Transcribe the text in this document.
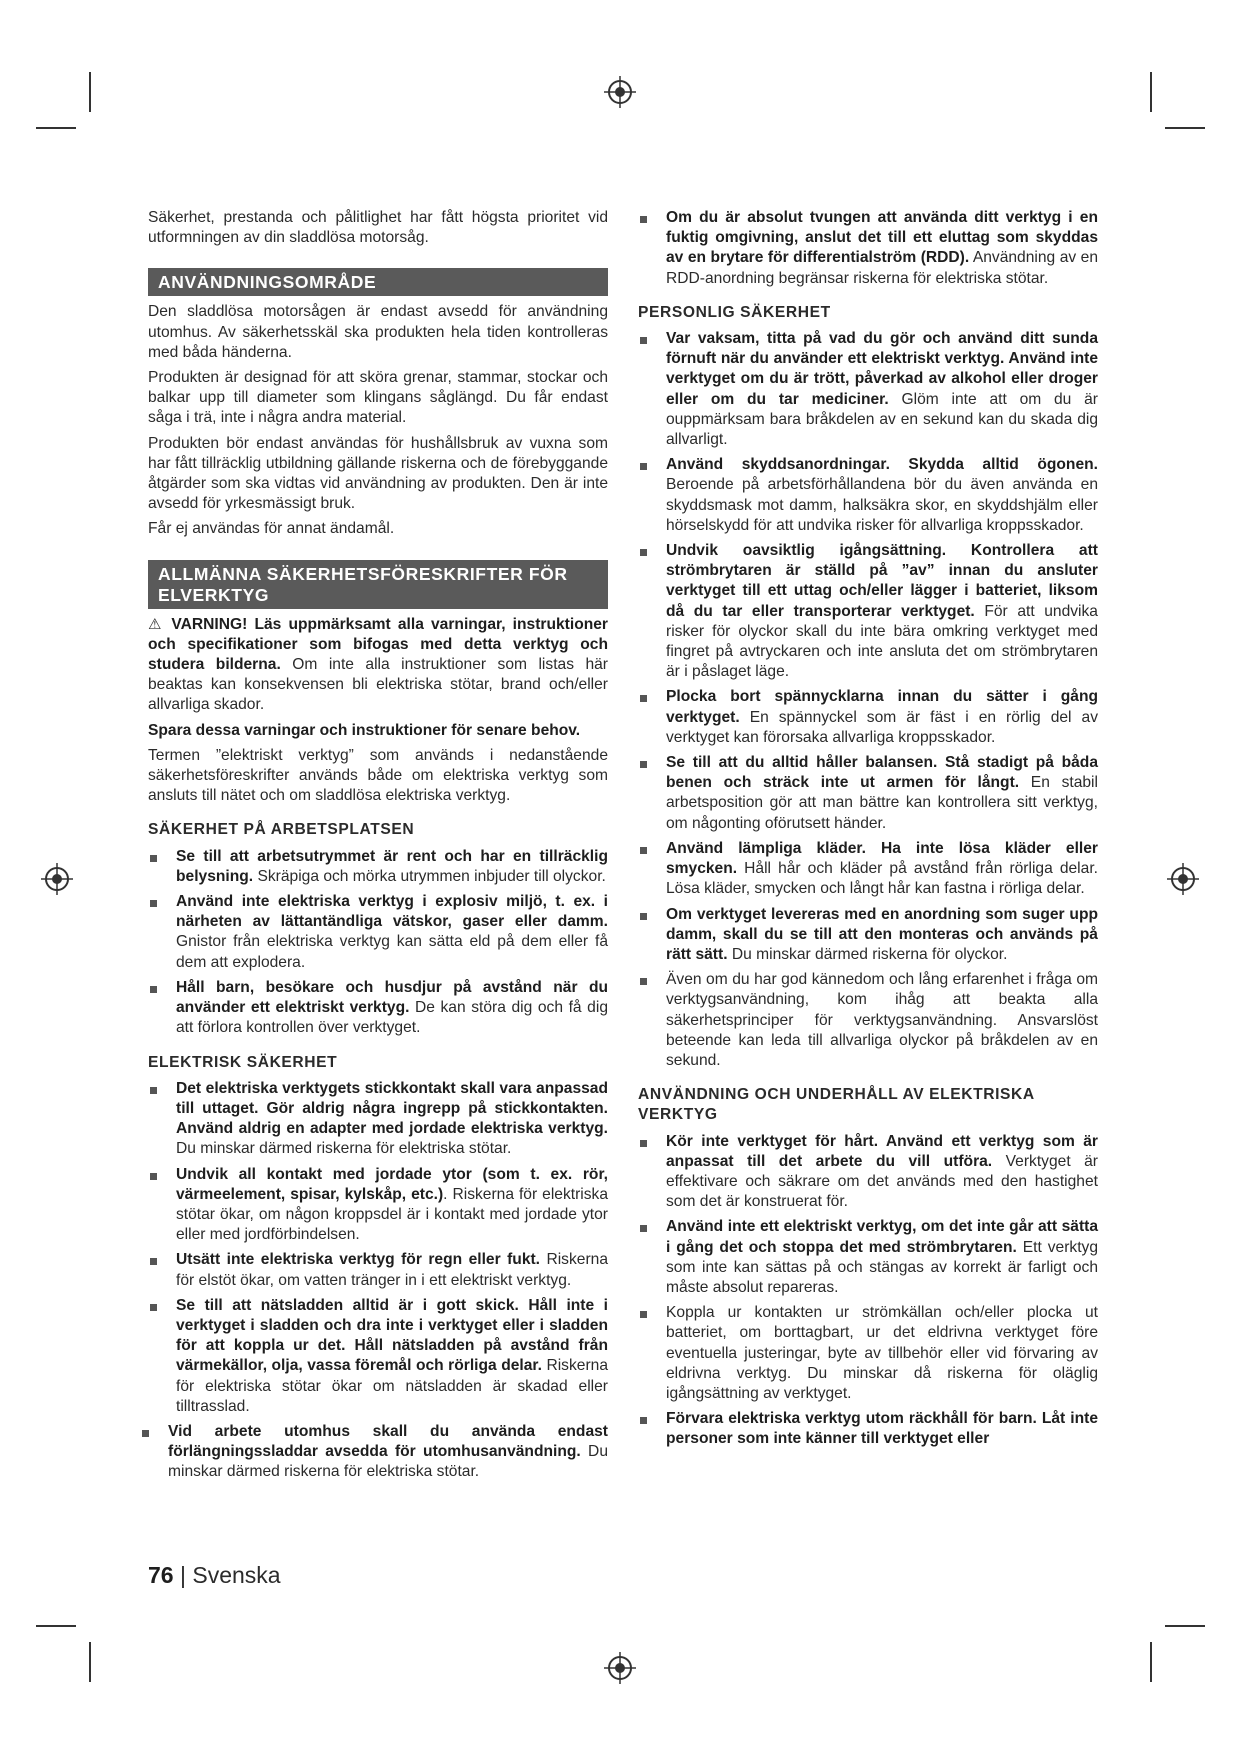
Säkerhet, prestanda och pålitlighet har fått högsta prioritet vid utformningen av din sladdlösa motorsåg.

ANVÄNDNINGSOMRÅDE

Den sladdlösa motorsågen är endast avsedd för användning utomhus. Av säkerhetsskäl ska produkten hela tiden kontrolleras med båda händerna.

Produkten är designad för att sköra grenar, stammar, stockar och balkar upp till diameter som klingans såglängd. Du får endast såga i trä, inte i några andra material.

Produkten bör endast användas för hushållsbruk av vuxna som har fått tillräcklig utbildning gällande riskerna och de förebyggande åtgärder som ska vidtas vid användning av produkten. Den är inte avsedd för yrkesmässigt bruk.

Får ej användas för annat ändamål.

ALLMÄNNA SÄKERHETSFÖRESKRIFTER FÖR ELVERKTYG

⚠ VARNING! Läs uppmärksamt alla varningar, instruktioner och specifikationer som bifogas med detta verktyg och studera bilderna. Om inte alla instruktioner som listas här beaktas kan konsekvensen bli elektriska stötar, brand och/eller allvarliga skador.

Spara dessa varningar och instruktioner för senare behov.

Termen ”elektriskt verktyg” som används i nedanstående säkerhetsföreskrifter används både om elektriska verktyg som ansluts till nätet och om sladdlösa elektriska verktyg.

SÄKERHET PÅ ARBETSPLATSEN
Se till att arbetsutrymmet är rent och har en tillräcklig belysning. Skräpiga och mörka utrymmen inbjuder till olyckor.
Använd inte elektriska verktyg i explosiv miljö, t. ex. i närheten av lättantändliga vätskor, gaser eller damm. Gnistor från elektriska verktyg kan sätta eld på dem eller få dem att explodera.
Håll barn, besökare och husdjur på avstånd när du använder ett elektriskt verktyg. De kan störa dig och få dig att förlora kontrollen över verktyget.
ELEKTRISK SÄKERHET
Det elektriska verktygets stickkontakt skall vara anpassad till uttaget. Gör aldrig några ingrepp på stickkontakten. Använd aldrig en adapter med jordade elektriska verktyg. Du minskar därmed riskerna för elektriska stötar.
Undvik all kontakt med jordade ytor (som t. ex. rör, värmeelement, spisar, kylskåp, etc.). Riskerna för elektriska stötar ökar, om någon kroppsdel är i kontakt med jordade ytor eller med jordförbindelsen.
Utsätt inte elektriska verktyg för regn eller fukt. Riskerna för elstöt ökar, om vatten tränger in i ett elektriskt verktyg.
Se till att nätsladden alltid är i gott skick. Håll inte i verktyget i sladden och dra inte i verktyget eller i sladden för att koppla ur det. Håll nätsladden på avstånd från värmekällor, olja, vassa föremål och rörliga delar. Riskerna för elektriska stötar ökar om nätsladden är skadad eller tilltrasslad.
Vid arbete utomhus skall du använda endast förlängningssladdar avsedda för utomhusanvändning. Du minskar därmed riskerna för elektriska stötar.
Om du är absolut tvungen att använda ditt verktyg i en fuktig omgivning, anslut det till ett eluttag som skyddas av en brytare för differentialström (RDD). Användning av en RDD-anordning begränsar riskerna för elektriska stötar.
PERSONLIG SÄKERHET
Var vaksam, titta på vad du gör och använd ditt sunda förnuft när du använder ett elektriskt verktyg. Använd inte verktyget om du är trött, påverkad av alkohol eller droger eller om du tar mediciner. Glöm inte att om du är ouppmärksam bara bråkdelen av en sekund kan du skada dig allvarligt.
Använd skyddsanordningar. Skydda alltid ögonen. Beroende på arbetsförhållandena bör du även använda en skyddsmask mot damm, halksäkra skor, en skyddshjälm eller hörselskydd för att undvika risker för allvarliga kroppsskador.
Undvik oavsiktlig igångsättning. Kontrollera att strömbrytaren är ställd på ”av” innan du ansluter verktyget till ett uttag och/eller lägger i batteriet, liksom då du tar eller transporterar verktyget. För att undvika risker för olyckor skall du inte bära omkring verktyget med fingret på avtryckaren och inte ansluta det om strömbrytaren är i påslaget läge.
Plocka bort spännycklarna innan du sätter i gång verktyget. En spännyckel som är fäst i en rörlig del av verktyget kan förorsaka allvarliga kroppsskador.
Se till att du alltid håller balansen. Stå stadigt på båda benen och sträck inte ut armen för långt. En stabil arbetsposition gör att man bättre kan kontrollera sitt verktyg, om någonting oförutsett händer.
Använd lämpliga kläder. Ha inte lösa kläder eller smycken. Håll hår och kläder på avstånd från rörliga delar. Lösa kläder, smycken och långt hår kan fastna i rörliga delar.
Om verktyget levereras med en anordning som suger upp damm, skall du se till att den monteras och används på rätt sätt. Du minskar därmed riskerna för olyckor.
Även om du har god kännedom och lång erfarenhet i fråga om verktygsanvändning, kom ihåg att beakta alla säkerhetsprinciper för verktygsanvändning. Ansvarslöst beteende kan leda till allvarliga olyckor på bråkdelen av en sekund.
ANVÄNDNING OCH UNDERHÅLL AV ELEKTRISKA VERKTYG
Kör inte verktyget för hårt. Använd ett verktyg som är anpassat till det arbete du vill utföra. Verktyget är effektivare och säkrare om det används med den hastighet som det är konstruerat för.
Använd inte ett elektriskt verktyg, om det inte går att sätta i gång det och stoppa det med strömbrytaren. Ett verktyg som inte kan sättas på och stängas av korrekt är farligt och måste absolut repareras.
Koppla ur kontakten ur strömkällan och/eller plocka ut batteriet, om borttagbart, ur det eldrivna verktyget före eventuella justeringar, byte av tillbehör eller vid förvaring av eldrivna verktyg. Du minskar då riskerna för oläglig igångsättning av verktyget.
Förvara elektriska verktyg utom räckhåll för barn. Låt inte personer som inte känner till verktyget eller
76 | Svenska
